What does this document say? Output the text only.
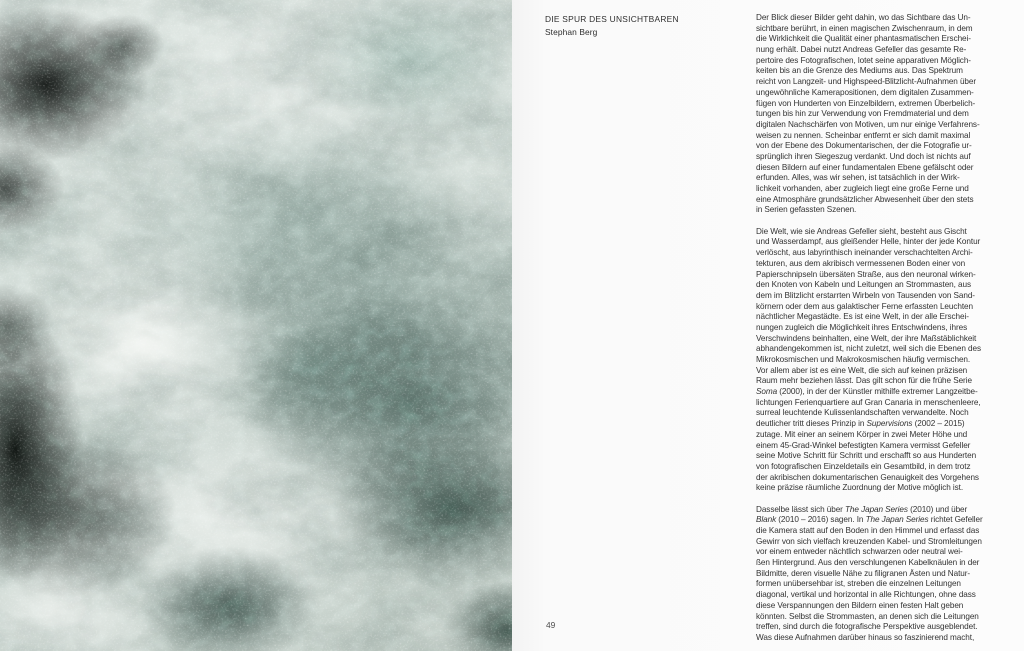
DIE SPUR DES UNSICHTBAREN
Stephan Berg
Der Blick dieser Bilder geht dahin, wo das Sichtbare das Un-
sichtbare berührt, in einen magischen Zwischenraum, in dem
die Wirklichkeit die Qualität einer phantasmatischen Erschei-
nung erhält. Dabei nutzt Andreas Gefeller das gesamte Re-
pertoire des Fotografischen, lotet seine apparativen Möglich-
keiten bis an die Grenze des Mediums aus. Das Spektrum
reicht von Langzeit- und Highspeed-Blitzlicht-Aufnahmen über
ungewöhnliche Kamerapositionen, dem digitalen Zusammen-
fügen von Hunderten von Einzelbildern, extremen Überbelich-
tungen bis hin zur Verwendung von Fremdmaterial und dem
digitalen Nachschärfen von Motiven, um nur einige Verfahrens-
weisen zu nennen. Scheinbar entfernt er sich damit maximal
von der Ebene des Dokumentarischen, der die Fotografie ur-
sprünglich ihren Siegeszug verdankt. Und doch ist nichts auf
diesen Bildern auf einer fundamentalen Ebene gefälscht oder
erfunden. Alles, was wir sehen, ist tatsächlich in der Wirk-
lichkeit vorhanden, aber zugleich liegt eine große Ferne und
eine Atmosphäre grundsätzlicher Abwesenheit über den stets
in Serien gefassten Szenen.
Die Welt, wie sie Andreas Gefeller sieht, besteht aus Gischt
und Wasserdampf, aus gleißender Helle, hinter der jede Kontur
verlöscht, aus labyrinthisch ineinander verschachtelten Archi-
tekturen, aus dem akribisch vermessenen Boden einer von
Papierschnipseln übersäten Straße, aus den neuronal wirken-
den Knoten von Kabeln und Leitungen an Strommasten, aus
dem im Blitzlicht erstarrten Wirbeln von Tausenden von Sand-
körnern oder dem aus galaktischer Ferne erfassten Leuchten
nächtlicher Megastädte. Es ist eine Welt, in der alle Erschei-
nungen zugleich die Möglichkeit ihres Entschwindens, ihres
Verschwindens beinhalten, eine Welt, der ihre Maßstäblichkeit
abhandengekommen ist, nicht zuletzt, weil sich die Ebenen des
Mikrokosmischen und Makrokosmischen häufig vermischen.
Vor allem aber ist es eine Welt, die sich auf keinen präzisen
Raum mehr beziehen lässt. Das gilt schon für die frühe Serie
Soma (2000), in der der Künstler mithilfe extremer Langzeitbe-
lichtungen Ferienquartiere auf Gran Canaria in menschenleere,
surreal leuchtende Kulissenlandschaften verwandelte. Noch
deutlicher tritt dieses Prinzip in Supervisions (2002 – 2015)
zutage. Mit einer an seinem Körper in zwei Meter Höhe und
einem 45-Grad-Winkel befestigten Kamera vermisst Gefeller
seine Motive Schritt für Schritt und erschafft so aus Hunderten
von fotografischen Einzeldetails ein Gesamtbild, in dem trotz
der akribischen dokumentarischen Genauigkeit des Vorgehens
keine präzise räumliche Zuordnung der Motive möglich ist.
Dasselbe lässt sich über The Japan Series (2010) und über
Blank (2010 – 2016) sagen. In The Japan Series richtet Gefeller
die Kamera statt auf den Boden in den Himmel und erfasst das
Gewirr von sich vielfach kreuzenden Kabel- und Stromleitungen
vor einem entweder nächtlich schwarzen oder neutral wei-
ßen Hintergrund. Aus den verschlungenen Kabelknäulen in der
Bildmitte, deren visuelle Nähe zu filigranen Ästen und Natur-
formen unübersehbar ist, streben die einzelnen Leitungen
diagonal, vertikal und horizontal in alle Richtungen, ohne dass
diese Verspannungen den Bildern einen festen Halt geben
könnten. Selbst die Strommasten, an denen sich die Leitungen
treffen, sind durch die fotografische Perspektive ausgeblendet.
Was diese Aufnahmen darüber hinaus so faszinierend macht,
49
